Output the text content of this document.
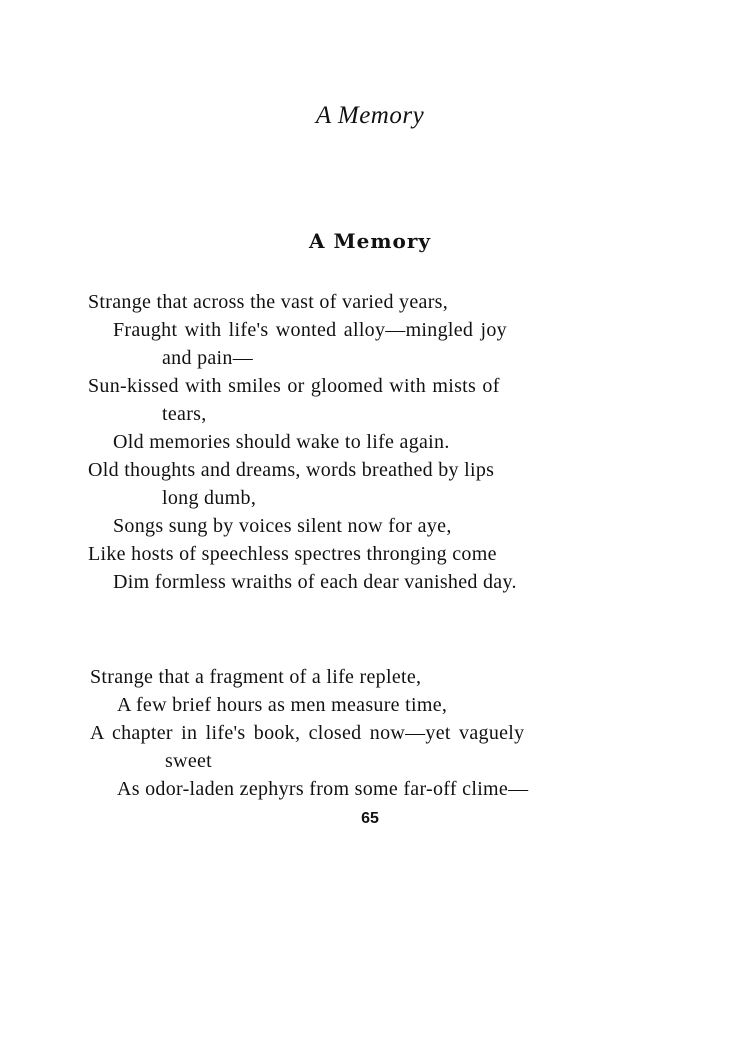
A Memory
A Memory
Strange that across the vast of varied years,
Fraught with life's wonted alloy—mingled joy
and pain—
Sun-kissed with smiles or gloomed with mists of
tears,
Old memories should wake to life again.
Old thoughts and dreams, words breathed by lips
long dumb,
Songs sung by voices silent now for aye,
Like hosts of speechless spectres thronging come
Dim formless wraiths of each dear vanished day.
Strange that a fragment of a life replete,
A few brief hours as men measure time,
A chapter in life's book, closed now—yet vaguely
sweet
As odor-laden zephyrs from some far-off clime—
65
